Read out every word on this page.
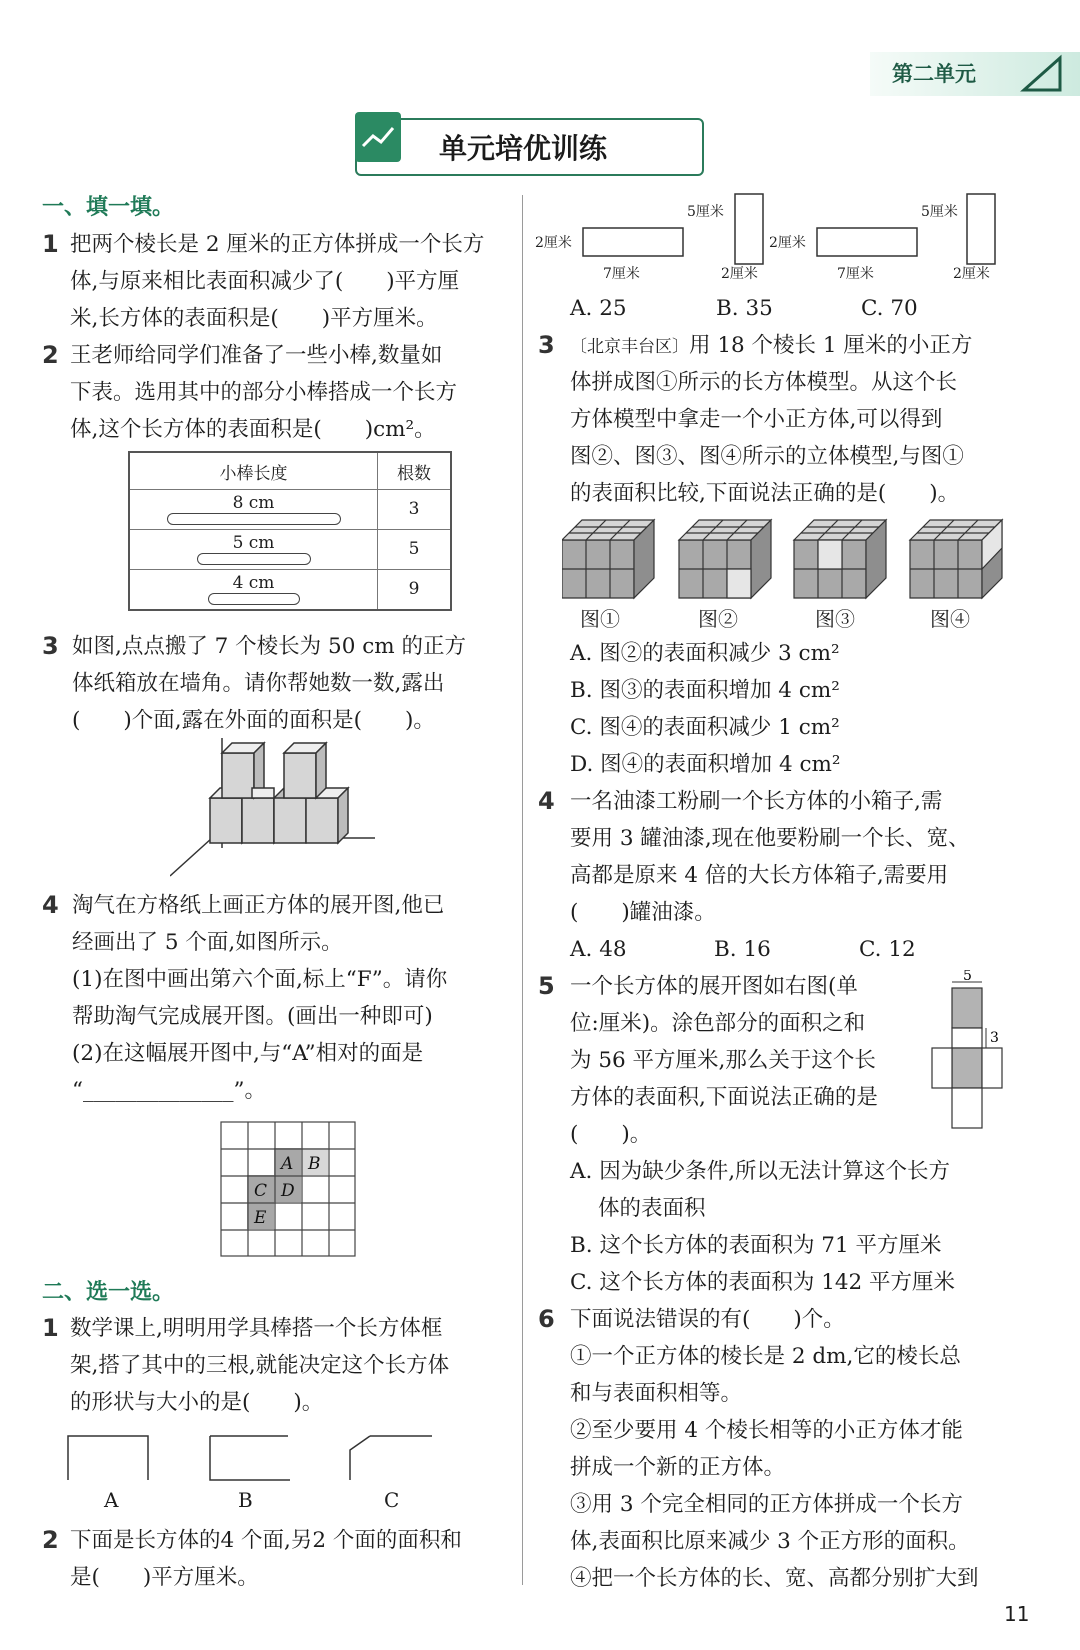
第二单元
单元培优训练
一、填一填。
1 把两个棱长是 2 厘米的正方体拼成一个长方
体,与原来相比表面积减少了(　　)平方厘
米,长方体的表面积是(　　)平方厘米。
2 王老师给同学们准备了一些小棒,数量如
下表。选用其中的部分小棒搭成一个长方
体,这个长方体的表面积是(　　)cm²。
小棒长度	根数

8 cm	3

5 cm	5

4 cm	9
3 如图,点点搬了 7 个棱长为 50 cm 的正方
体纸箱放在墙角。请你帮她数一数,露出
(　　)个面,露在外面的面积是(　　)。
4 淘气在方格纸上画正方体的展开图,他已
经画出了 5 个面,如图所示。
(1)在图中画出第六个面,标上“F”。请你
帮助淘气完成展开图。(画出一种即可)
(2)在这幅展开图中,与“A”相对的面是
“______________”。
A B
C D
E
二、选一选。
1 数学课上,明明用学具棒搭一个长方体框
架,搭了其中的三根,就能决定这个长方体
的形状与大小的是(　　)。
A	B	C
2 下面是长方体的4 个面,另2 个面的面积和
是(　　)平方厘米。
2厘米
7厘米
5厘米
2厘米
2厘米
7厘米
5厘米
2厘米
A. 25	B. 35	C. 70
3 〔北京丰台区〕用 18 个棱长 1 厘米的小正方
体拼成图①所示的长方体模型。从这个长
方体模型中拿走一个小正方体,可以得到
图②、图③、图④所示的立体模型,与图①
的表面积比较,下面说法正确的是(　　)。
图①	图②	图③	图④
A. 图②的表面积减少 3 cm²
B. 图③的表面积增加 4 cm²
C. 图④的表面积减少 1 cm²
D. 图④的表面积增加 4 cm²
4 一名油漆工粉刷一个长方体的小箱子,需
要用 3 罐油漆,现在他要粉刷一个长、宽、
高都是原来 4 倍的大长方体箱子,需要用
(　　)罐油漆。
A. 48	B. 16	C. 12
5 一个长方体的展开图如右图(单
位:厘米)。涂色部分的面积之和
为 56 平方厘米,那么关于这个长
方体的表面积,下面说法正确的是
(　　)。
5
3
A. 因为缺少条件,所以无法计算这个长方
体的表面积
B. 这个长方体的表面积为 71 平方厘米
C. 这个长方体的表面积为 142 平方厘米
6 下面说法错误的有(　　)个。
①一个正方体的棱长是 2 dm,它的棱长总
和与表面积相等。
②至少要用 4 个棱长相等的小正方体才能
拼成一个新的正方体。
③用 3 个完全相同的正方体拼成一个长方
体,表面积比原来减少 3 个正方形的面积。
④把一个长方体的长、宽、高都分别扩大到
11
